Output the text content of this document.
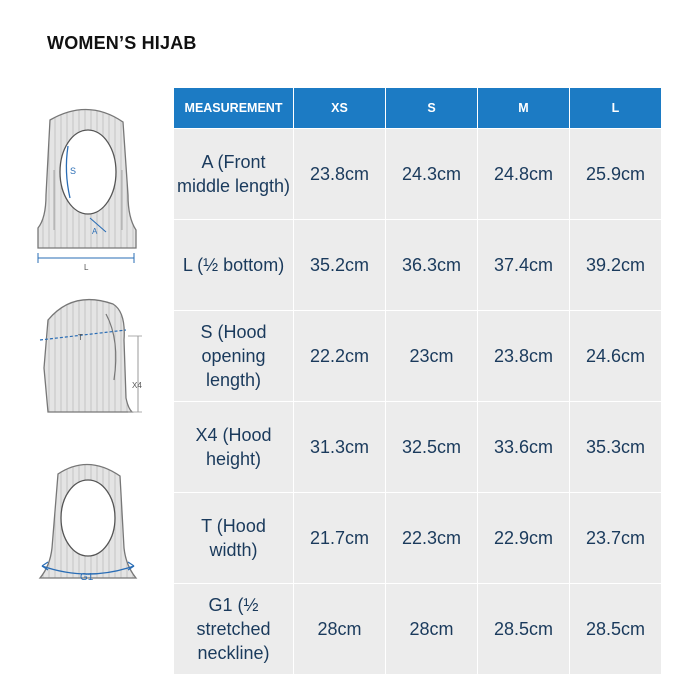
WOMEN’S HIJAB
S
A
L
T
X4
G1
MEASUREMENT	XS	S	M	L
A (Front middle length)	23.8cm	24.3cm	24.8cm	25.9cm
L (½ bottom)	35.2cm	36.3cm	37.4cm	39.2cm
S (Hood opening length)	22.2cm	23cm	23.8cm	24.6cm
X4 (Hood height)	31.3cm	32.5cm	33.6cm	35.3cm
T (Hood width)	21.7cm	22.3cm	22.9cm	23.7cm
G1 (½ stretched neckline)	28cm	28cm	28.5cm	28.5cm
